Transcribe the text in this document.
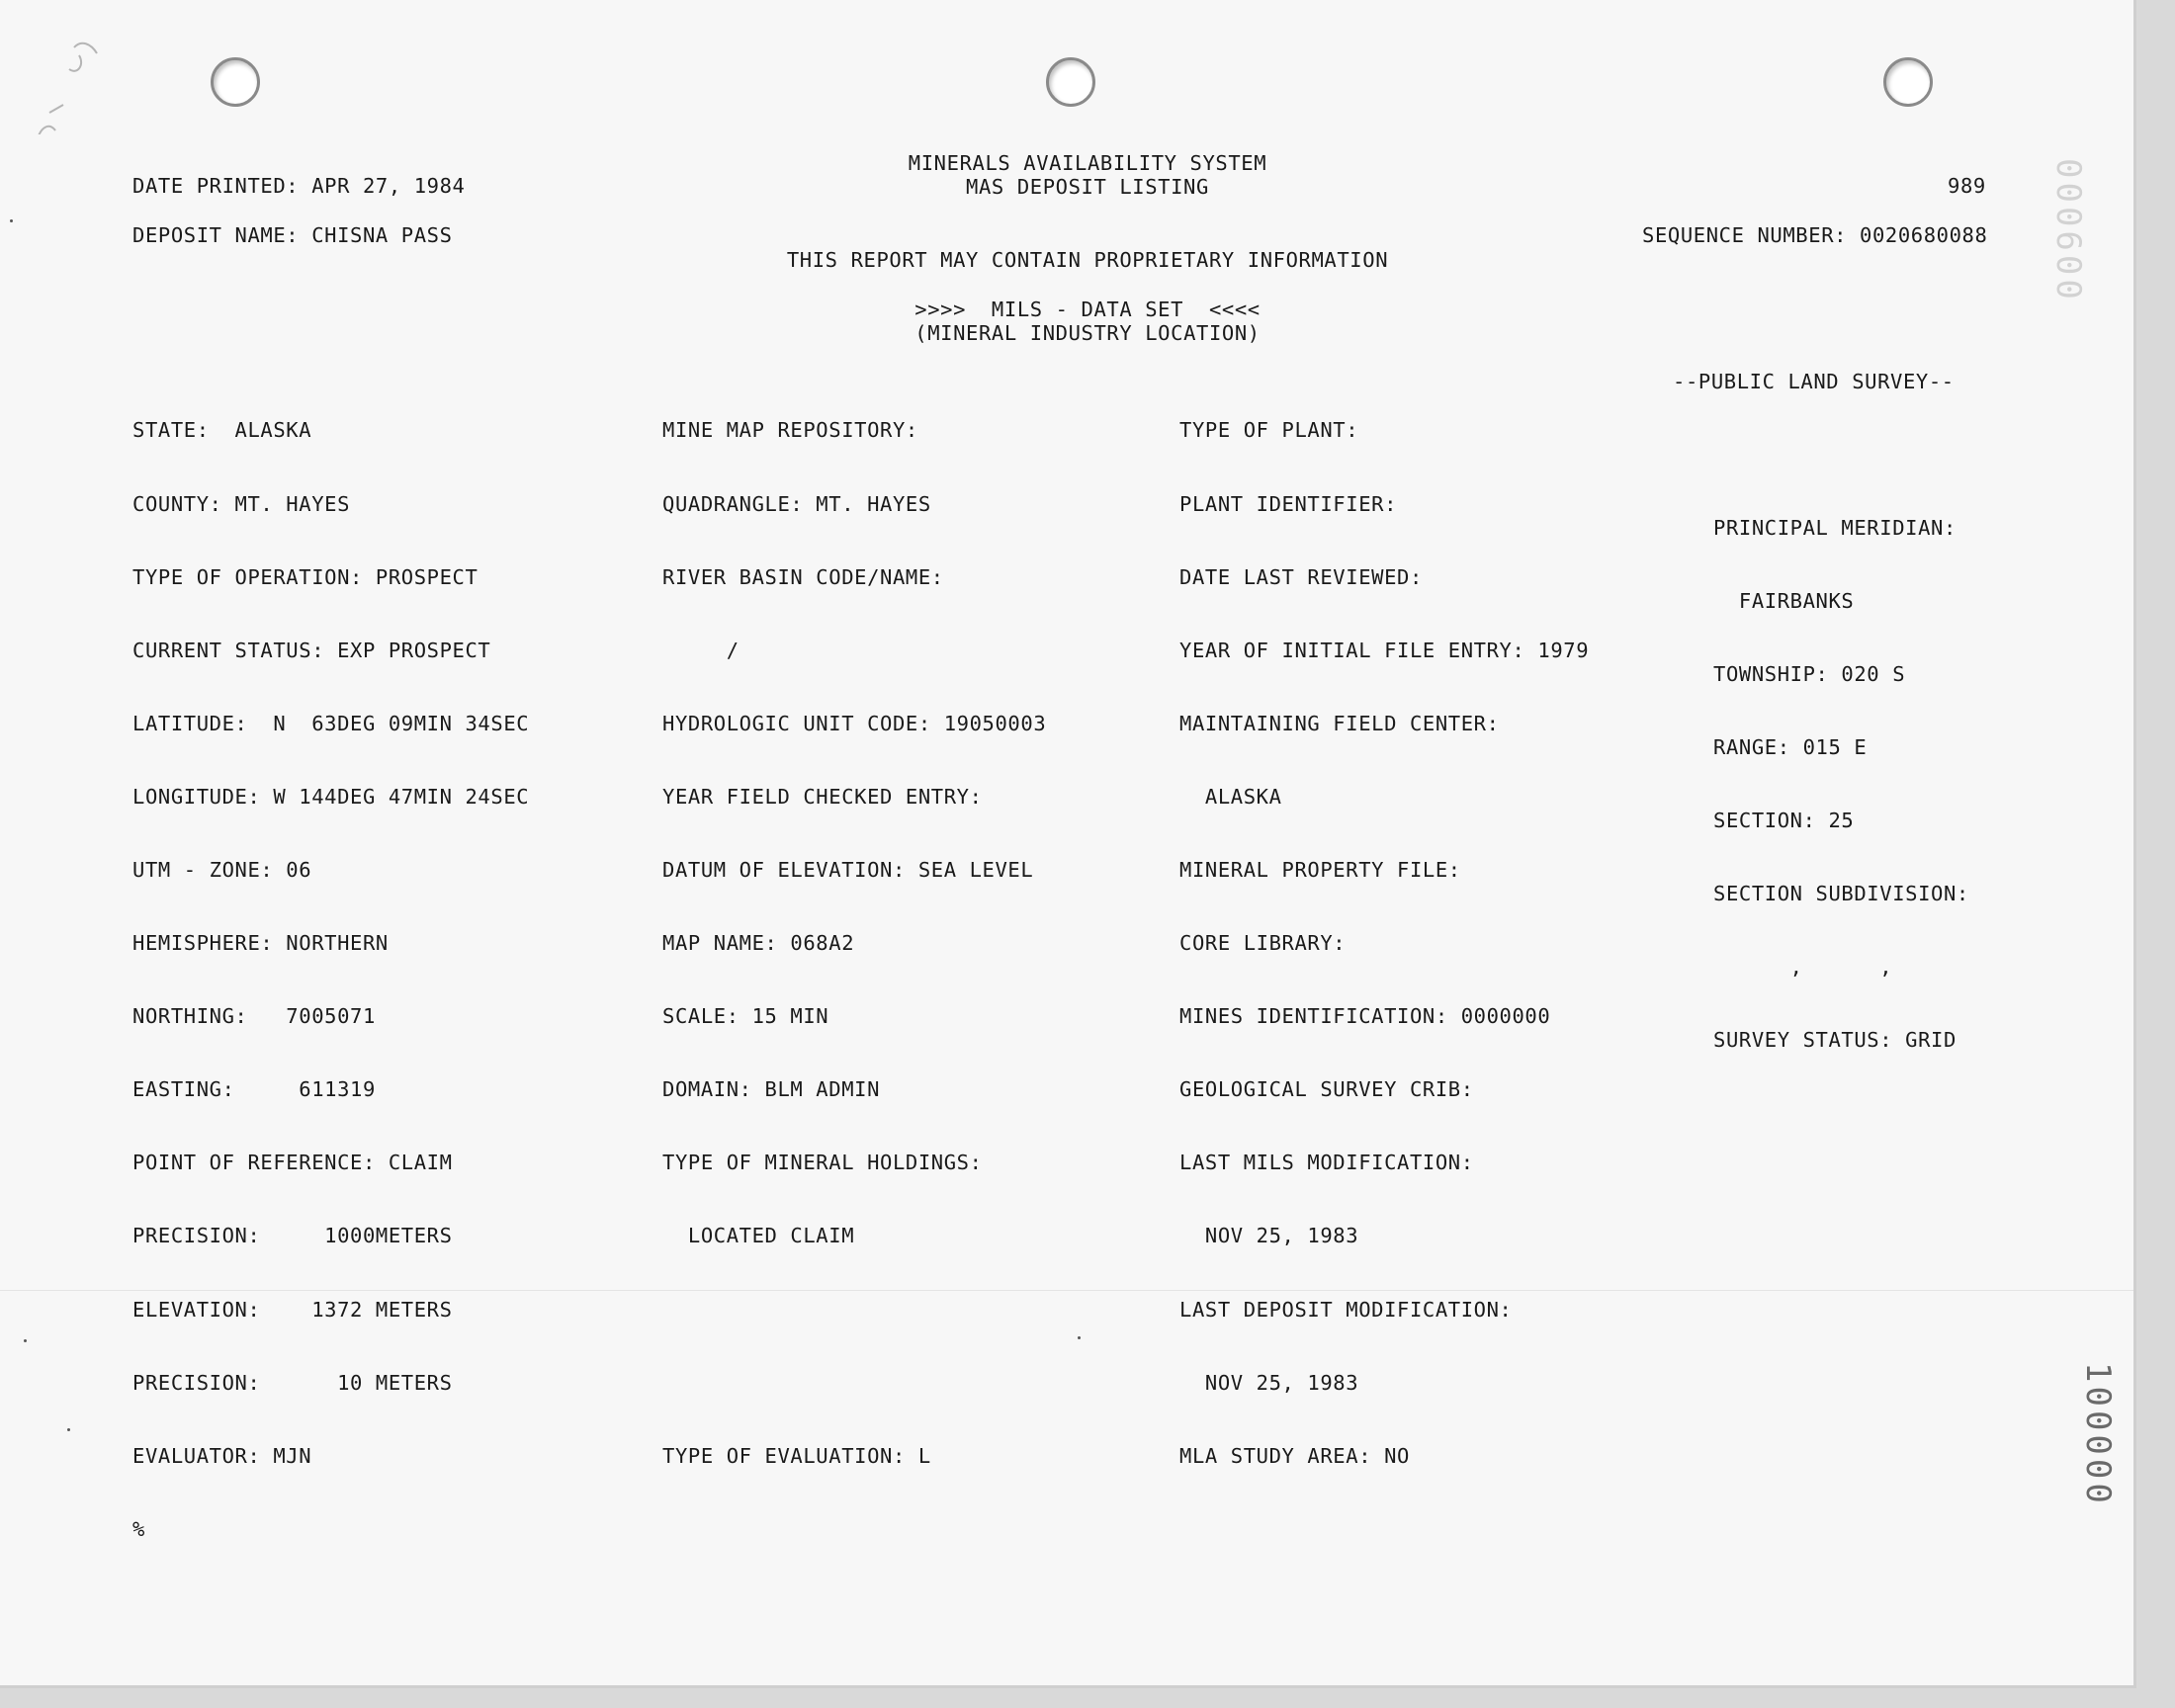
MINERALS AVAILABILITY SYSTEM
MAS DEPOSIT LISTING
DATE PRINTED: APR 27, 1984	989
DEPOSIT NAME: CHISNA PASS	SEQUENCE NUMBER: 0020680088
THIS REPORT MAY CONTAIN PROPRIETARY INFORMATION
>>>>  MILS - DATA SET  <<<<
(MINERAL INDUSTRY LOCATION)

STATE:  ALASKA

COUNTY: MT. HAYES

TYPE OF OPERATION: PROSPECT

CURRENT STATUS: EXP PROSPECT

LATITUDE:  N  63DEG 09MIN 34SEC

LONGITUDE: W 144DEG 47MIN 24SEC

UTM - ZONE: 06

HEMISPHERE: NORTHERN

NORTHING:   7005071

EASTING:     611319

POINT OF REFERENCE: CLAIM

PRECISION:     1000METERS

ELEVATION:    1372 METERS

PRECISION:      10 METERS

EVALUATOR: MJN

%

MINE MAP REPOSITORY:

QUADRANGLE: MT. HAYES

RIVER BASIN CODE/NAME:

/

HYDROLOGIC UNIT CODE: 19050003

YEAR FIELD CHECKED ENTRY:

DATUM OF ELEVATION: SEA LEVEL

MAP NAME: 068A2

SCALE: 15 MIN

DOMAIN: BLM ADMIN

TYPE OF MINERAL HOLDINGS:

LOCATED CLAIM

TYPE OF EVALUATION: L

TYPE OF PLANT:

PLANT IDENTIFIER:

DATE LAST REVIEWED:

YEAR OF INITIAL FILE ENTRY: 1979

MAINTAINING FIELD CENTER:

ALASKA

MINERAL PROPERTY FILE:

CORE LIBRARY:

MINES IDENTIFICATION: 0000000

GEOLOGICAL SURVEY CRIB:

LAST MILS MODIFICATION:

NOV 25, 1983

LAST DEPOSIT MODIFICATION:

NOV 25, 1983

MLA STUDY AREA: NO

--PUBLIC LAND SURVEY--

PRINCIPAL MERIDIAN:

FAIRBANKS

TOWNSHIP: 020 S

RANGE: 015 E

SECTION: 25

SECTION SUBDIVISION:

,      ,

SURVEY STATUS: GRID

000600
100000
